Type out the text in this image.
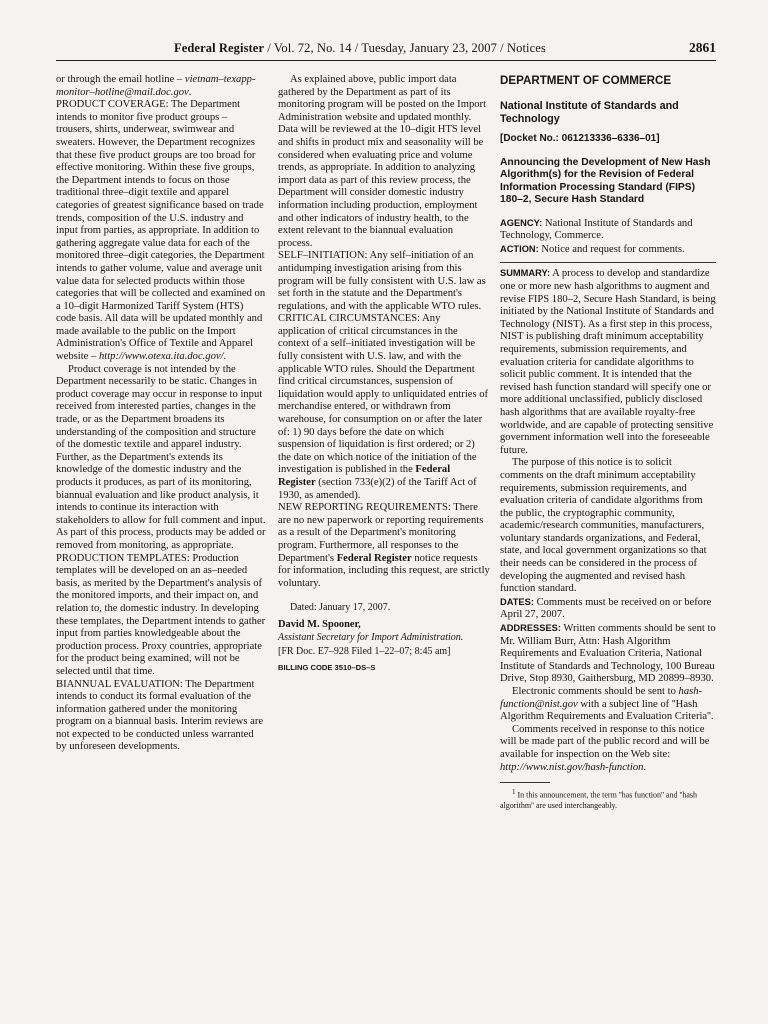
Federal Register / Vol. 72, No. 14 / Tuesday, January 23, 2007 / Notices	2861

or through the email hotline – vietnam–texapp-monitor–hotline@mail.doc.gov.

PRODUCT COVERAGE: The Department intends to monitor five product groups – trousers, shirts, underwear, swimwear and sweaters. However, the Department recognizes that these five product groups are too broad for effective monitoring. Within these five groups, the Department intends to focus on those traditional three–digit textile and apparel categories of greatest significance based on trade trends, composition of the U.S. industry and input from parties, as appropriate. In addition to gathering aggregate value data for each of the monitored three–digit categories, the Department intends to gather volume, value and average unit value data for selected products within those categories that will be collected and examined on a 10–digit Harmonized Tariff System (HTS) code basis. All data will be updated monthly and made available to the public on the Import Administration's Office of Textile and Apparel website – http://www.otexa.ita.doc.gov/.

Product coverage is not intended by the Department necessarily to be static. Changes in product coverage may occur in response to input received from interested parties, changes in the trade, or as the Department broadens its understanding of the composition and structure of the domestic textile and apparel industry. Further, as the Department's extends its knowledge of the domestic industry and the products it produces, as part of its monitoring, biannual evaluation and like product analysis, it intends to continue its interaction with stakeholders to allow for full comment and input. As part of this process, products may be added or removed from monitoring, as appropriate.

PRODUCTION TEMPLATES: Production templates will be developed on an as–needed basis, as merited by the Department's analysis of the monitored imports, and their impact on, and relation to, the domestic industry. In developing these templates, the Department intends to gather input from parties knowledgeable about the production process. Proxy countries, appropriate for the product being examined, will not be selected until that time.

BIANNUAL EVALUATION: The Department intends to conduct its formal evaluation of the information gathered under the monitoring program on a biannual basis. Interim reviews are not expected to be conducted unless warranted by unforeseen developments.

As explained above, public import data gathered by the Department as part of its monitoring program will be posted on the Import Administration website and updated monthly. Data will be reviewed at the 10–digit HTS level and shifts in product mix and seasonality will be considered when evaluating price and volume trends, as appropriate. In addition to analyzing import data as part of this review process, the Department will consider domestic industry information including production, employment and other indicators of industry health, to the extent relevant to the biannual evaluation process.

SELF–INITIATION: Any self–initiation of an antidumping investigation arising from this program will be fully consistent with U.S. law as set forth in the statute and the Department's regulations, and with the applicable WTO rules.

CRITICAL CIRCUMSTANCES: Any application of critical circumstances in the context of a self–initiated investigation will be fully consistent with U.S. law, and with the applicable WTO rules. Should the Department find critical circumstances, suspension of liquidation would apply to unliquidated entries of merchandise entered, or withdrawn from warehouse, for consumption on or after the later of: 1) 90 days before the date on which suspension of liquidation is first ordered; or 2) the date on which notice of the initiation of the investigation is published in the Federal Register (section 733(e)(2) of the Tariff Act of 1930, as amended).

NEW REPORTING REQUIREMENTS: There are no new paperwork or reporting requirements as a result of the Department's monitoring program. Furthermore, all responses to the Department's Federal Register notice requests for information, including this request, are strictly voluntary.

Dated: January 17, 2007.

David M. Spooner,

Assistant Secretary for Import Administration.

[FR Doc. E7–928 Filed 1–22–07; 8:45 am]

BILLING CODE 3510–DS–S

DEPARTMENT OF COMMERCE

National Institute of Standards and Technology

[Docket No.: 061213336–6336–01]

Announcing the Development of New Hash Algorithm(s) for the Revision of Federal Information Processing Standard (FIPS) 180–2, Secure Hash Standard

AGENCY: National Institute of Standards and Technology, Commerce.

ACTION: Notice and request for comments.

SUMMARY: A process to develop and standardize one or more new hash algorithms to augment and revise FIPS 180–2, Secure Hash Standard, is being initiated by the National Institute of Standards and Technology (NIST). As a first step in this process, NIST is publishing draft minimum acceptability requirements, submission requirements, and evaluation criteria for candidate algorithms to solicit public comment. It is intended that the revised hash function standard will specify one or more additional unclassified, publicly disclosed hash algorithms that are available royalty-free worldwide, and are capable of protecting sensitive government information well into the foreseeable future.

The purpose of this notice is to solicit comments on the draft minimum acceptability requirements, submission requirements, and evaluation criteria of candidate algorithms from the public, the cryptographic community, academic/research communities, manufacturers, voluntary standards organizations, and Federal, state, and local government organizations so that their needs can be considered in the process of developing the augmented and revised hash function standard.

DATES: Comments must be received on or before April 27, 2007.

ADDRESSES: Written comments should be sent to Mr. William Burr, Attn: Hash Algorithm Requirements and Evaluation Criteria, National Institute of Standards and Technology, 100 Bureau Drive, Stop 8930, Gaithersburg, MD 20899–8930.

Electronic comments should be sent to hash-function@nist.gov with a subject line of ''Hash Algorithm Requirements and Evaluation Criteria''.

Comments received in response to this notice will be made part of the public record and will be available for inspection on the Web site: http://www.nist.gov/hash-function.

$^1$ In this announcement, the term ''has function'' and ''hash algorithm'' are used interchangeably.
